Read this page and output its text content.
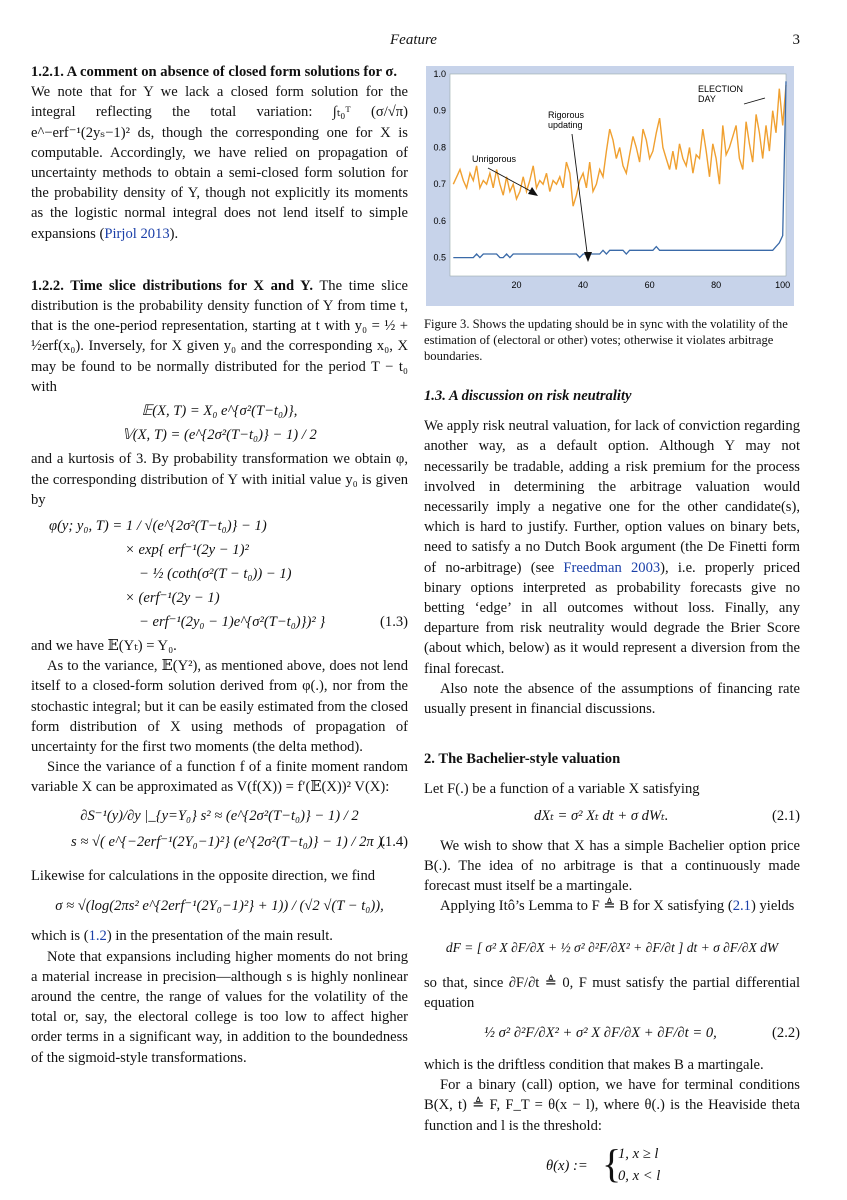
Feature	3

1.2.1. A comment on absence of closed form solutions for σ.

We note that for Y we lack a closed form solution for the integral reflecting the total variation: ∫ₜ₀ᵀ (σ/√π) e^−erf⁻¹(2yₛ−1)² ds, though the corresponding one for X is computable. Accordingly, we have relied on propagation of uncertainty methods to obtain a semi-closed form solution for the probability density of Y, though not explicitly its moments as the logistic normal integral does not lend itself to simple expansions (Pirjol 2013).

1.2.2. Time slice distributions for X and Y. The time slice distribution is the probability density function of Y from time t, that is the one-period representation, starting at t with y₀ = ½ + ½erf(x₀). Inversely, for X given y₀ and the corresponding x₀, X may be found to be normally distributed for the period T − t₀ with

𝔼(X, T) = X₀ e^{σ²(T−t₀)},
𝕍(X, T) = (e^{2σ²(T−t₀)} − 1) / 2

and a kurtosis of 3. By probability transformation we obtain φ, the corresponding distribution of Y with initial value y₀ is given by

φ(y; y₀, T) = 1 / √(e^{2σ²(T−t₀)} − 1)
× exp{ erf⁻¹(2y − 1)²
− ½ (coth(σ²(T − t₀)) − 1)
× (erf⁻¹(2y − 1)
− erf⁻¹(2y₀ − 1)e^{σ²(T−t₀)})² }	(1.3)

and we have 𝔼(Yₜ) = Y₀.

As to the variance, 𝔼(Y²), as mentioned above, does not lend itself to a closed-form solution derived from φ(.), nor from the stochastic integral; but it can be easily estimated from the closed form distribution of X using methods of propagation of uncertainty for the first two moments (the delta method).

Since the variance of a function f of a finite moment random variable X can be approximated as V(f(X)) = f′(𝔼(X))² V(X):

∂S⁻¹(y)/∂y |_{y=Y₀} s² ≈ (e^{2σ²(T−t₀)} − 1) / 2
s ≈ √( e^{−2erf⁻¹(2Y₀−1)²} (e^{2σ²(T−t₀)} − 1) / 2π ).
(1.4)

Likewise for calculations in the opposite direction, we find

σ ≈ √(log(2πs² e^{2erf⁻¹(2Y₀−1)²} + 1)) / (√2 √(T − t₀)),

which is (1.2) in the presentation of the main result.

Note that expansions including higher moments do not bring a material increase in precision—although s is highly nonlinear around the centre, the range of values for the volatility of the total or, say, the electoral college is too low to affect higher order terms in a significant way, in addition to the boundedness of the sigmoid-style transformations.

0.5
0.6
0.7
0.8
0.9
1.0
20	40	60	80	100
ELECTION
DAY
Rigorous
updating
Unrigorous
Figure 3. Shows the updating should be in sync with the volatility of the estimation of (electoral or other) votes; otherwise it violates arbitrage boundaries.

1.3. A discussion on risk neutrality

We apply risk neutral valuation, for lack of conviction regarding another way, as a default option. Although Y may not necessarily be tradable, adding a risk premium for the process involved in determining the arbitrage valuation would necessarily imply a negative one for the other candidate(s), which is hard to justify. Further, option values on binary bets, need to satisfy a no Dutch Book argument (the De Finetti form of no-arbitrage) (see Freedman 2003), i.e. properly priced binary options interpreted as probability forecasts give no betting ‘edge’ in all outcomes without loss. Finally, any departure from risk neutrality would degrade the Brier Score (about which, below) as it would represent a diversion from the final forecast.

Also note the absence of the assumptions of financing rate usually present in financial discussions.

2. The Bachelier-style valuation

Let F(.) be a function of a variable X satisfying

dXₜ = σ² Xₜ dt + σ dWₜ.	(2.1)

We wish to show that X has a simple Bachelier option price B(.). The idea of no arbitrage is that a continuously made forecast must itself be a martingale.

Applying Itô’s Lemma to F ≜ B for X satisfying (2.1) yields

dF = [ σ² X ∂F/∂X + ½ σ² ∂²F/∂X² + ∂F/∂t ] dt + σ ∂F/∂X dW

so that, since ∂F/∂t ≜ 0, F must satisfy the partial differential equation

½ σ² ∂²F/∂X² + σ² X ∂F/∂X + ∂F/∂t = 0,	(2.2)

which is the driftless condition that makes B a martingale.

For a binary (call) option, we have for terminal conditions B(X, t) ≜ F, F_T = θ(x − l), where θ(.) is the Heaviside theta function and l is the threshold:

θ(x) := {
1, x ≥ l
0, x < l
